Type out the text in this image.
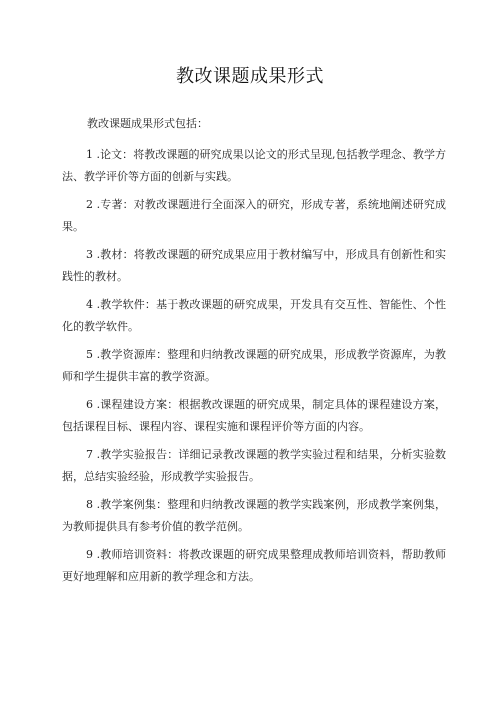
教改课题成果形式
教改课题成果形式包括：
1 .论文：将教改课题的研究成果以论文的形式呈现,包括教学理念、教学方法、教学评价等方面的创新与实践。
2 .专著：对教改课题进行全面深入的研究，形成专著，系统地阐述研究成果。
3 .教材：将教改课题的研究成果应用于教材编写中，形成具有创新性和实践性的教材。
4 .教学软件：基于教改课题的研究成果，开发具有交互性、智能性、个性化的教学软件。
5 .教学资源库：整理和归纳教改课题的研究成果，形成教学资源库，为教师和学生提供丰富的教学资源。
6 .课程建设方案：根据教改课题的研究成果，制定具体的课程建设方案，包括课程目标、课程内容、课程实施和课程评价等方面的内容。
7 .教学实验报告：详细记录教改课题的教学实验过程和结果，分析实验数据，总结实验经验，形成教学实验报告。
8 .教学案例集：整理和归纳教改课题的教学实践案例，形成教学案例集，为教师提供具有参考价值的教学范例。
9 .教师培训资料：将教改课题的研究成果整理成教师培训资料，帮助教师更好地理解和应用新的教学理念和方法。
